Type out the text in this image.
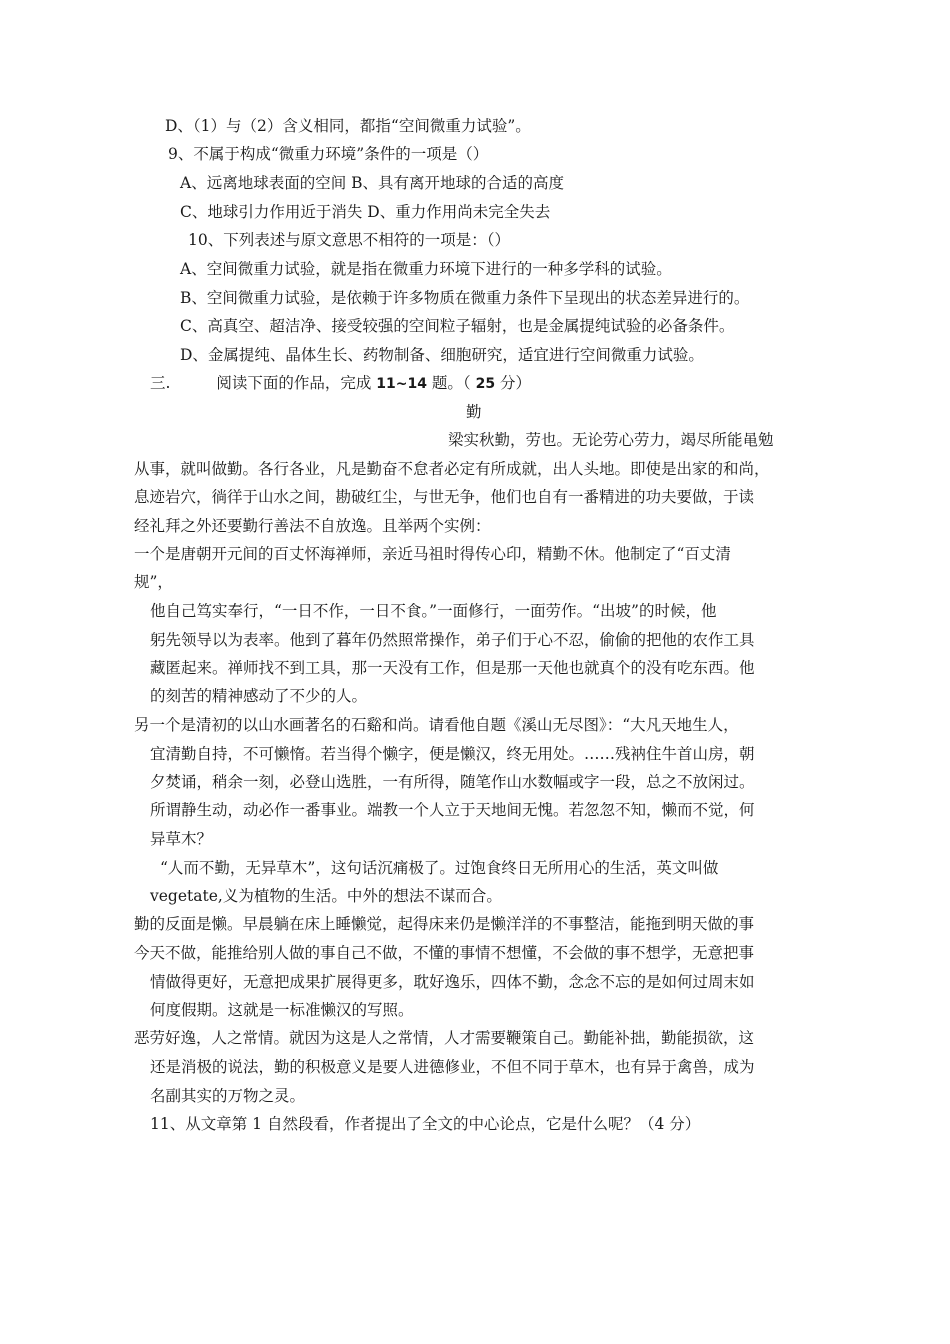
D、（1）与（2）含义相同，都指“空间微重力试验”。
9、不属于构成“微重力环境”条件的一项是（）
A、远离地球表面的空间 B、具有离开地球的合适的高度
C、地球引力作用近于消失 D、重力作用尚未完全失去
10、下列表述与原文意思不相符的一项是：（）
A、空间微重力试验，就是指在微重力环境下进行的一种多学科的试验。
B、空间微重力试验，是依赖于许多物质在微重力条件下呈现出的状态差异进行的。
C、高真空、超洁净、接受较强的空间粒子辐射，也是金属提纯试验的必备条件。
D、金属提纯、晶体生长、药物制备、细胞研究，适宜进行空间微重力试验。
三.	阅读下面的作品，完成 11~14 题。（ 25 分）
勤
梁实秋勤，劳也。无论劳心劳力，竭尽所能黾勉
从事，就叫做勤。各行各业，凡是勤奋不怠者必定有所成就，出人头地。即使是出家的和尚，
息迹岩穴，徜徉于山水之间，勘破红尘，与世无争，他们也自有一番精进的功夫要做，于读
经礼拜之外还要勤行善法不自放逸。且举两个实例：
一个是唐朝开元间的百丈怀海禅师，亲近马祖时得传心印，精勤不休。他制定了“百丈清
规”，
他自己笃实奉行，“一日不作，一日不食。”一面修行，一面劳作。“出坡”的时候，他
躬先领导以为表率。他到了暮年仍然照常操作，弟子们于心不忍，偷偷的把他的农作工具
藏匿起来。禅师找不到工具，那一天没有工作，但是那一天他也就真个的没有吃东西。他
的刻苦的精神感动了不少的人。
另一个是清初的以山水画著名的石谿和尚。请看他自题《溪山无尽图》：“大凡天地生人，
宜清勤自持，不可懒惰。若当得个懒字，便是懒汉，终无用处。……残衲住牛首山房，朝
夕焚诵，稍余一刻，必登山选胜，一有所得，随笔作山水数幅或字一段，总之不放闲过。
所谓静生动，动必作一番事业。端教一个人立于天地间无愧。若忽忽不知，懒而不觉，何
异草木？
“人而不勤，无异草木”，这句话沉痛极了。过饱食终日无所用心的生活，英文叫做
vegetate,义为植物的生活。中外的想法不谋而合。
勤的反面是懒。早晨躺在床上睡懒觉，起得床来仍是懒洋洋的不事整洁，能拖到明天做的事
今天不做，能推给别人做的事自己不做，不懂的事情不想懂，不会做的事不想学，无意把事
情做得更好，无意把成果扩展得更多，耽好逸乐，四体不勤，念念不忘的是如何过周末如
何度假期。这就是一标准懒汉的写照。
恶劳好逸，人之常情。就因为这是人之常情，人才需要鞭策自己。勤能补拙，勤能损欲，这
还是消极的说法，勤的积极意义是要人进德修业，不但不同于草木，也有异于禽兽，成为
名副其实的万物之灵。
11、从文章第 1 自然段看，作者提出了全文的中心论点，它是什么呢？（4 分）
